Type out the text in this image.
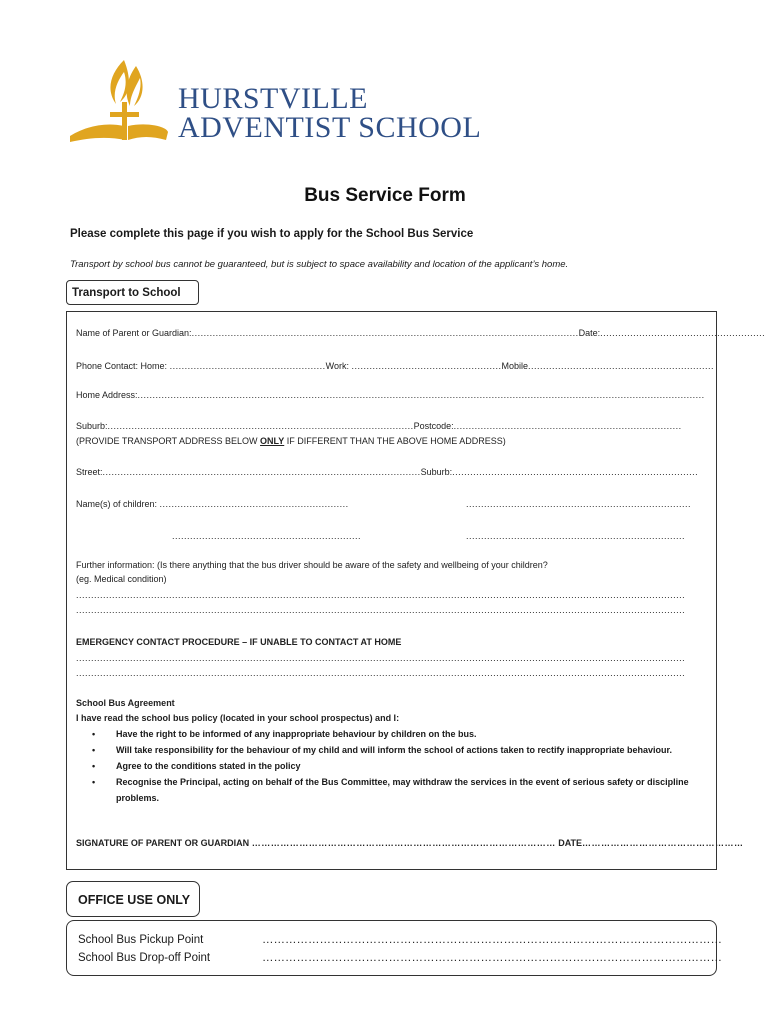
HURSTVILLE
ADVENTIST SCHOOL
Bus Service Form
Please complete this page if you wish to apply for the School Bus Service
Transport by school bus cannot be guaranteed, but is subject to space availability and location of the applicant’s home.
Transport to School
Name of Parent or Guardian:.................................................................................................................................Date:.......................................................
Phone Contact: Home: ....................................................Work: ..................................................Mobile..............................................................
Home Address:.............................................................................................................................................................................................
Suburb:......................................................................................................Postcode:............................................................................
(PROVIDE TRANSPORT ADDRESS BELOW ONLY IF DIFFERENT THAN THE ABOVE HOME ADDRESS)
Street:..........................................................................................................Suburb:..................................................................................
Name(s) of children: ...............................................................	...........................................................................
...............................................................	.........................................................................
Further information: (Is there anything that the bus driver should be aware of the safety and wellbeing of your children?
(eg. Medical condition)
...........................................................................................................................................................................................................
...........................................................................................................................................................................................................
EMERGENCY CONTACT PROCEDURE – IF UNABLE TO CONTACT AT HOME
...........................................................................................................................................................................................................
...........................................................................................................................................................................................................
School Bus Agreement
I have read the school bus policy (located in your school prospectus) and I:
• Have the right to be informed of any inappropriate behaviour by children on the bus.
• Will take responsibility for the behaviour of my child and will inform the school of actions taken to rectify inappropriate behaviour.
• Agree to the conditions stated in the policy
• Recognise the Principal, acting on behalf of the Bus Committee, may withdraw the services in the event of serious safety or discipline problems.
SIGNATURE OF PARENT OR GUARDIAN …………………………………………………………………………………… DATE……………………………………………
OFFICE USE ONLY
School Bus Pickup Point	…………………………………………………………………………………………………………
School Bus Drop-off Point	…………………………………………………………………………………………………………
